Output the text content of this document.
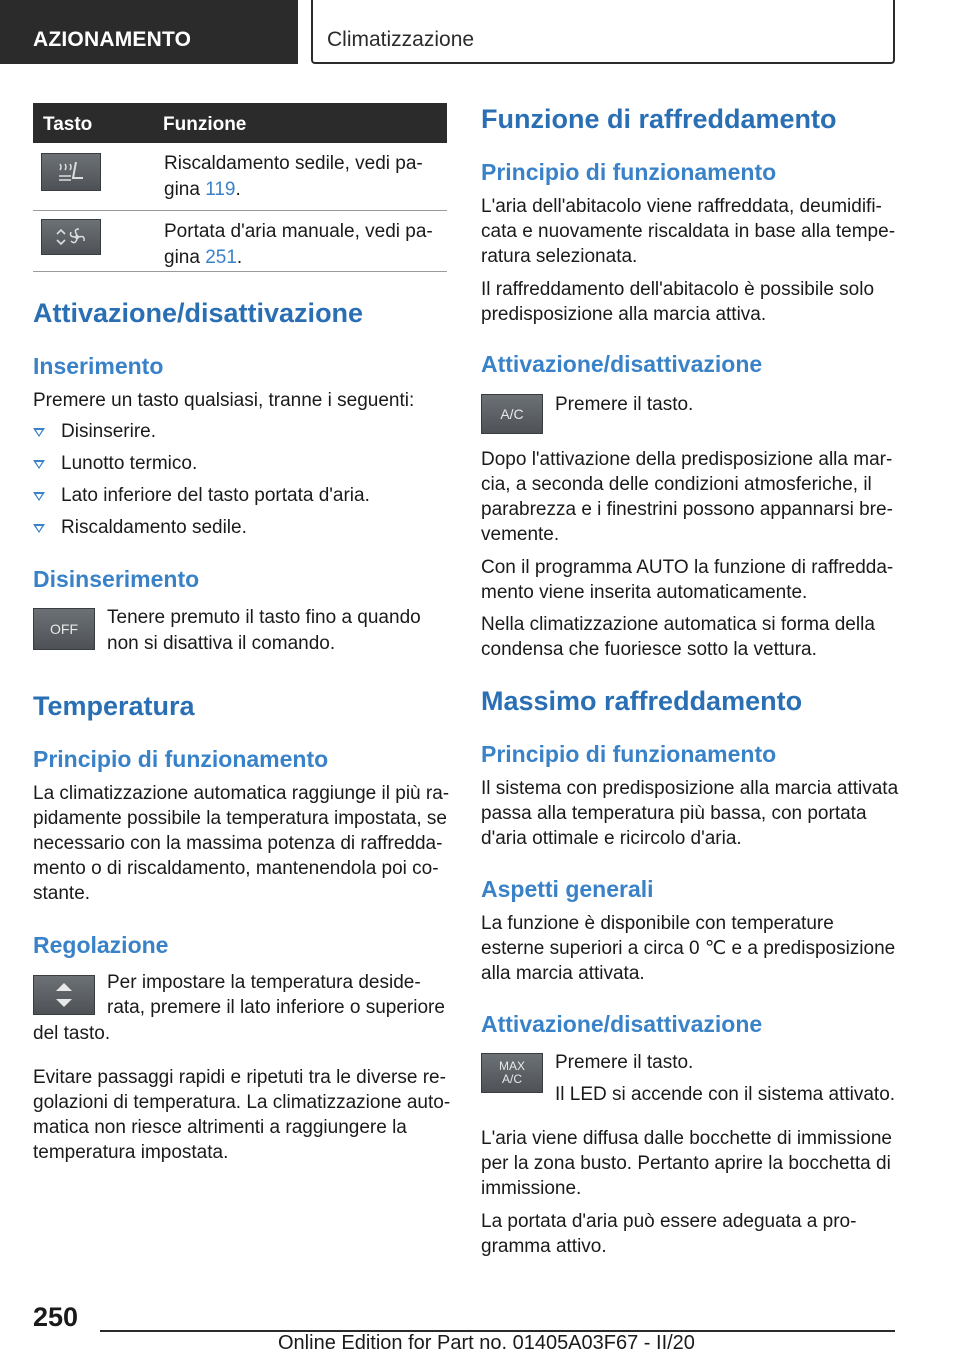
AZIONAMENTO	Climatizzazione
Tasto	Funzione
Riscaldamento sedile, vedi pa-
gina 119.
Portata d'aria manuale, vedi pa-
gina 251.
Attivazione/disattivazione
Inserimento
Premere un tasto qualsiasi, tranne i seguenti:
Disinserire.
Lunotto termico.
Lato inferiore del tasto portata d'aria.
Riscaldamento sedile.
Disinserimento
OFF
Tenere premuto il tasto fino a quando
non si disattiva il comando.
Temperatura
Principio di funzionamento
La climatizzazione automatica raggiunge il più ra-
pidamente possibile la temperatura impostata, se
necessario con la massima potenza di raffredda-
mento o di riscaldamento, mantenendola poi co-
stante.
Regolazione
Per impostare la temperatura deside-
rata, premere il lato inferiore o superiore
del tasto.
Evitare passaggi rapidi e ripetuti tra le diverse re-
golazioni di temperatura. La climatizzazione auto-
matica non riesce altrimenti a raggiungere la
temperatura impostata.
Funzione di raffreddamento
Principio di funzionamento
L'aria dell'abitacolo viene raffreddata, deumidifi-
cata e nuovamente riscaldata in base alla tempe-
ratura selezionata.
Il raffreddamento dell'abitacolo è possibile solo
predisposizione alla marcia attiva.
Attivazione/disattivazione
A/C Premere il tasto.
Dopo l'attivazione della predisposizione alla mar-
cia, a seconda delle condizioni atmosferiche, il
parabrezza e i finestrini possono appannarsi bre-
vemente.
Con il programma AUTO la funzione di raffredda-
mento viene inserita automaticamente.
Nella climatizzazione automatica si forma della
condensa che fuoriesce sotto la vettura.
Massimo raffreddamento
Principio di funzionamento
Il sistema con predisposizione alla marcia attivata
passa alla temperatura più bassa, con portata
d'aria ottimale e ricircolo d'aria.
Aspetti generali
La funzione è disponibile con temperature
esterne superiori a circa 0 ℃ e a predisposizione
alla marcia attivata.
Attivazione/disattivazione
MAX
A/C
Premere il tasto.
Il LED si accende con il sistema attivato.
L'aria viene diffusa dalle bocchette di immissione
per la zona busto. Pertanto aprire la bocchetta di
immissione.
La portata d'aria può essere adeguata a pro-
gramma attivo.
250
Online Edition for Part no. 01405A03F67 - II/20
